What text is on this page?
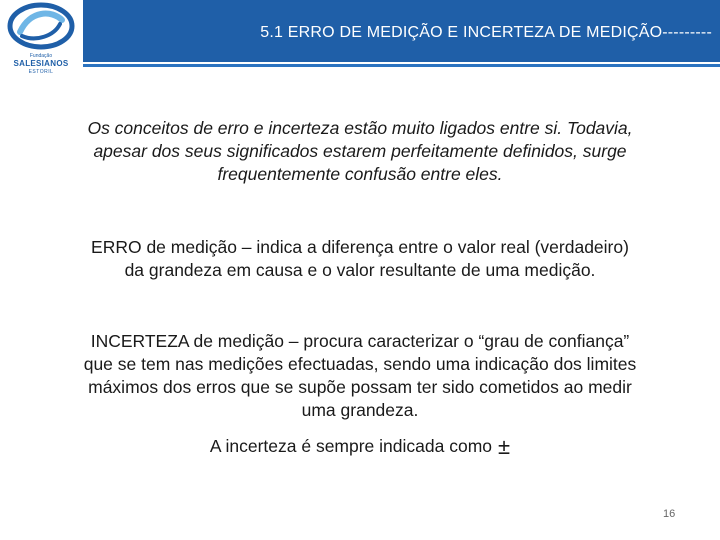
5.1 ERRO DE MEDIÇÃO E INCERTEZA DE MEDIÇÃO---------
Fundação
SALESIANOS
ESTORIL
Os conceitos de erro e incerteza estão muito ligados entre si. Todavia, apesar dos seus significados estarem perfeitamente definidos, surge frequentemente confusão entre eles.
ERRO de medição – indica a diferença entre o valor real (verdadeiro) da grandeza em causa e o valor resultante de uma medição.
INCERTEZA de medição – procura caracterizar o “grau de confiança” que se tem nas medições efectuadas, sendo uma indicação dos limites máximos dos erros que se supõe possam ter sido cometidos ao medir uma grandeza.
A incerteza é sempre indicada como ±
16
